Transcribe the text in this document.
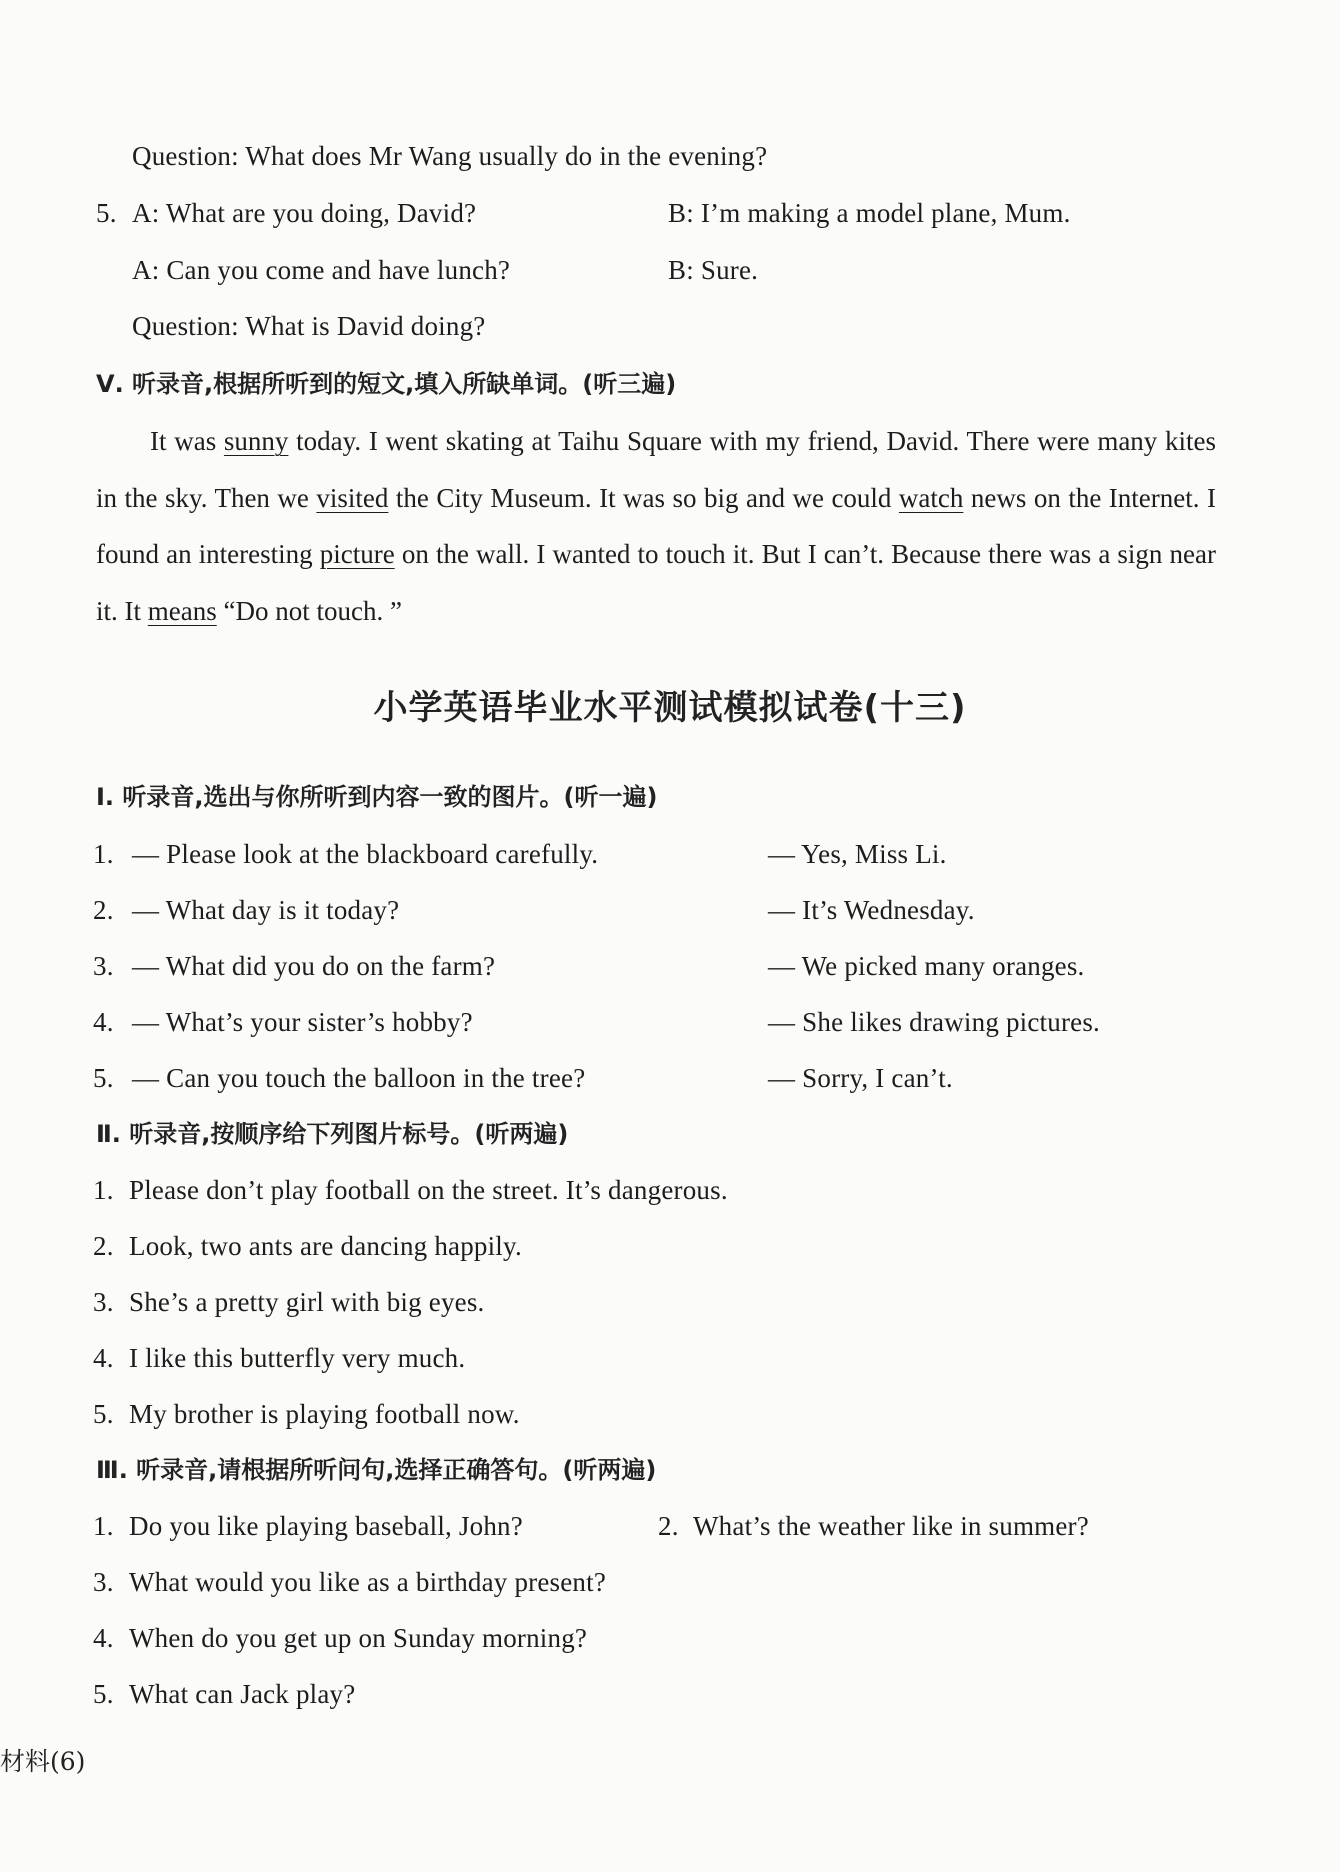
Question: What does Mr Wang usually do in the evening?
5. A: What are you doing, David?	B: I’m making a model plane, Mum.
A: Can you come and have lunch?	B: Sure.
Question: What is David doing?
Ⅴ. 听录音,根据所听到的短文,填入所缺单词。(听三遍)
It was sunny today. I went skating at Taihu Square with my friend, David. There were many kites in the sky. Then we visited the City Museum. It was so big and we could watch news on the Internet. I found an interesting picture on the wall. I wanted to touch it. But I can’t. Because there was a sign near it. It means “Do not touch. ”
小学英语毕业水平测试模拟试卷(十三)
Ⅰ. 听录音,选出与你所听到内容一致的图片。(听一遍)
1. — Please look at the blackboard carefully.	— Yes, Miss Li.
2. — What day is it today?	— It’s Wednesday.
3. — What did you do on the farm?	— We picked many oranges.
4. — What’s your sister’s hobby?	— She likes drawing pictures.
5. — Can you touch the balloon in the tree?	— Sorry, I can’t.
Ⅱ. 听录音,按顺序给下列图片标号。(听两遍)
1. Please don’t play football on the street. It’s dangerous.
2. Look, two ants are dancing happily.
3. She’s a pretty girl with big eyes.
4. I like this butterfly very much.
5. My brother is playing football now.
Ⅲ. 听录音,请根据所听问句,选择正确答句。(听两遍)
1. Do you like playing baseball, John?	2. What’s the weather like in summer?
3. What would you like as a birthday present?
4. When do you get up on Sunday morning?
5. What can Jack play?
材料(6)
